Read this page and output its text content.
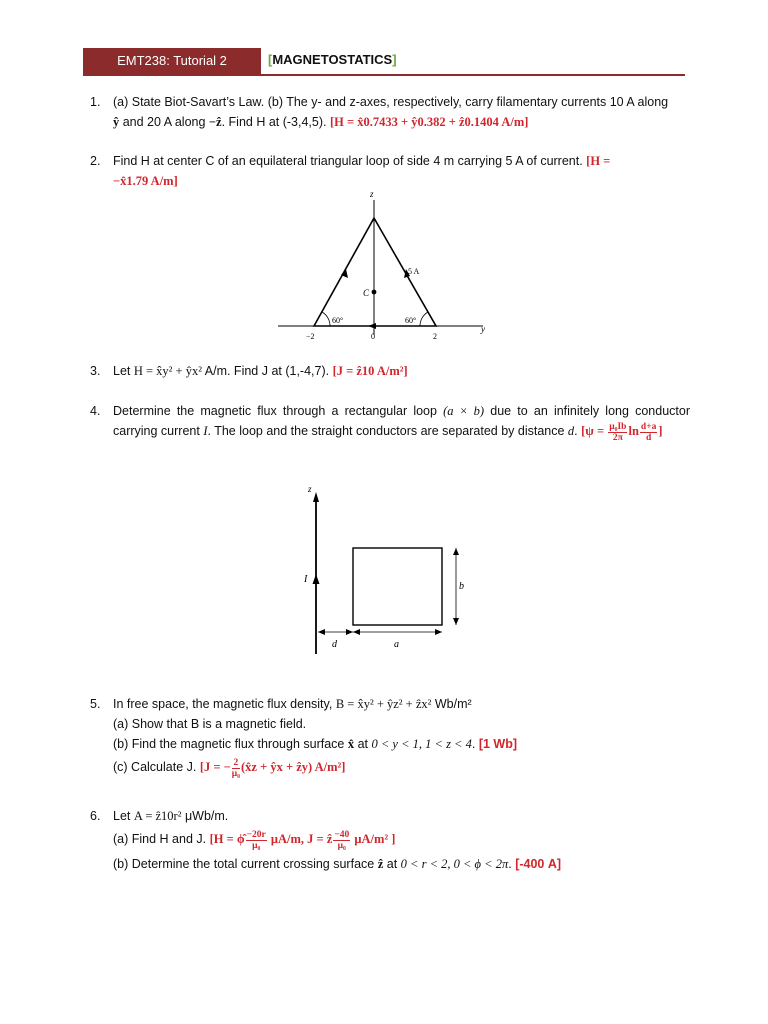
EMT238: Tutorial 2	[MAGNETOSTATICS]
1. (a) State Biot-Savart’s Law. (b) The y- and z-axes, respectively, carry filamentary currents 10 A along
ŷ and 20 A along −ẑ. Find H at (-3,4,5). [H = x̂0.7433 + ŷ0.382 + ẑ0.1404 A/m]
2. Find H at center C of an equilateral triangular loop of side 4 m carrying 5 A of current. [H =
−x̂1.79 A/m]
z
y
C
5 A
60°	60°
−2	0	2
3. Let H = x̂y² + ŷx² A/m. Find J at (1,-4,7). [J = ẑ10 A/m²]
4. Determine the magnetic flux through a rectangular loop (a × b) due to an infinitely long conductor carrying current I. The loop and the straight conductors are separated by distance d. [$\psi = \frac{\text{μ₀Ib}}{2\pi}$ $\ln \frac{d+a}{d}$ ]
z
I
d	a
b
5. In free space, the magnetic flux density, B = x̂y² + ŷz² + ẑx² Wb/m²
(a) Show that B is a magnetic field.
(b) Find the magnetic flux through surface x̂ at 0 < y < 1, 1 < z < 4. [1 Wb]
(c) Calculate J. [J = − $\frac{2}{\text{μ₀}}$ (x̂z + ŷx + ẑy) A/m²]
6. Let A = ẑ10r² μWb/m.
(a) Find H and J. [H = ϕ̂ $\frac{-20r}{\text{μ₀}} \mu A/m$, J = ẑ $\frac{-40}{\text{μ₀}} \mu A/m^2$ ]
(b) Determine the total current crossing surface ẑ at 0 < r < 2, 0 < ϕ < 2π. [-400 A]
